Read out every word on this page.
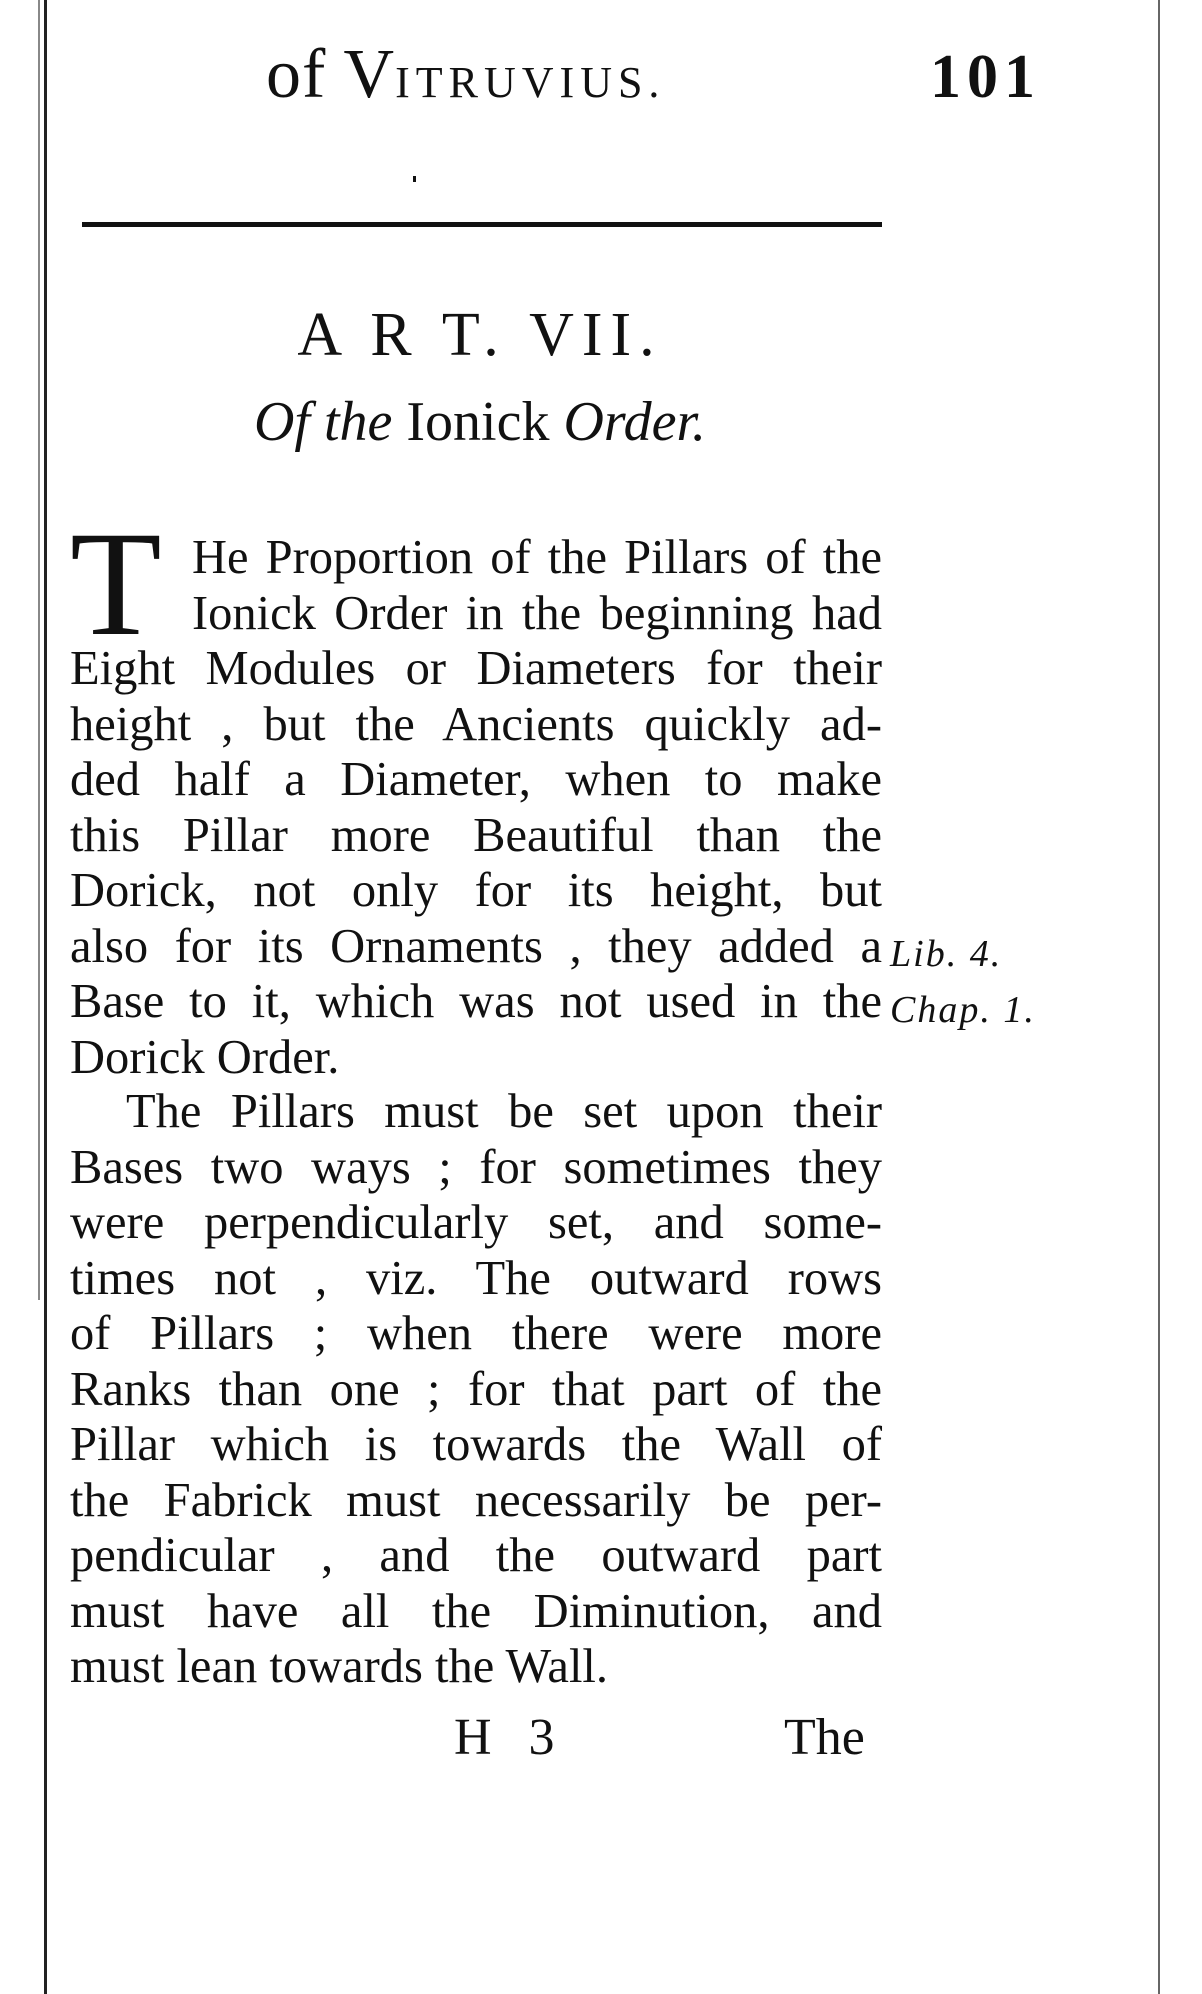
of VITRUVIUS.	101
A R T. VII.
Of the Ionick Order.
T He Proportion of the Pillars of the
Ionick Order in the beginning had
Eight Modules or Diameters for their
height , but the Ancients quickly ad-
ded half a Diameter, when to make
this Pillar more Beautiful than the
Dorick, not only for its height, but
also for its Ornaments , they added a
Base to it, which was not used in the
Dorick Order.
Lib. 4.
Chap. 1.
The Pillars must be set upon their
Bases two ways ; for sometimes they
were perpendicularly set, and some-
times not , viz. The outward rows
of Pillars ; when there were more
Ranks than one ; for that part of the
Pillar which is towards the Wall of
the Fabrick must necessarily be per-
pendicular , and the outward part
must have all the Diminution, and
must lean towards the Wall.
H 3	The
